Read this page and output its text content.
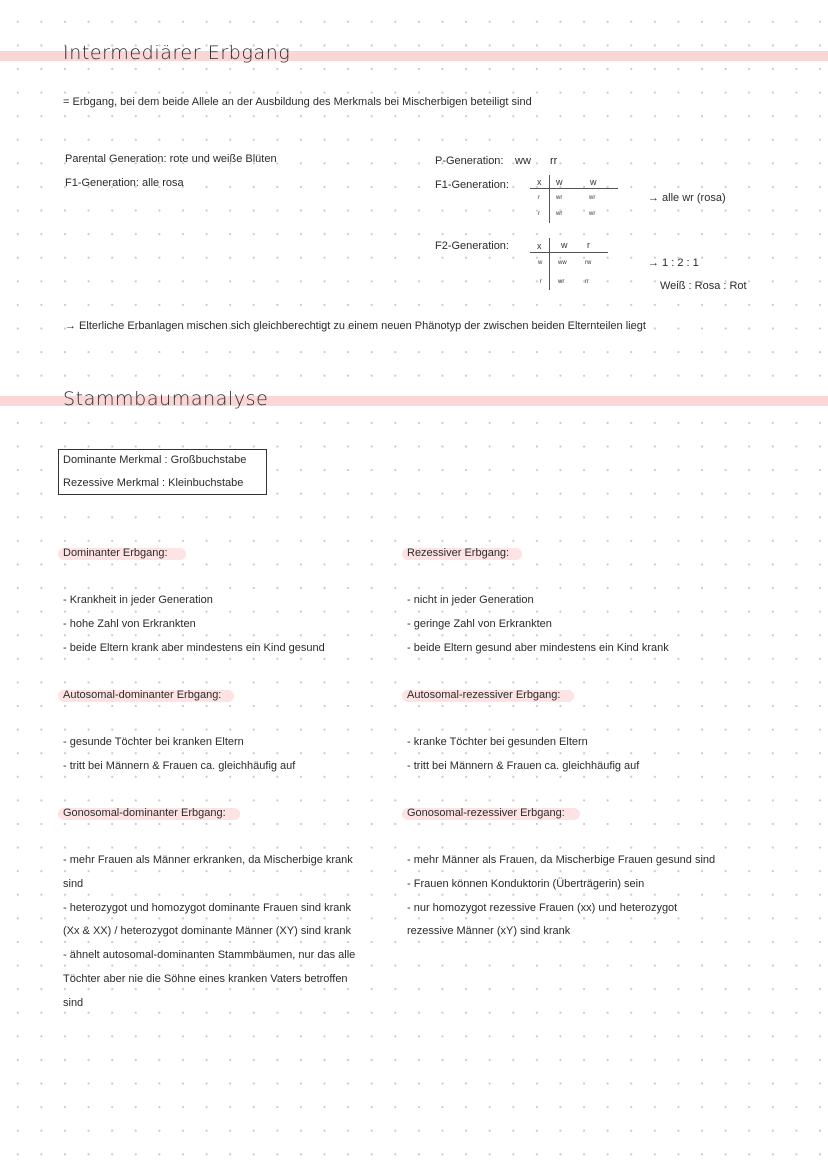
Intermediärer Erbgang
= Erbgang, bei dem beide Allele an der Ausbildung des Merkmals bei Mischerbigen beteiligt sind
Parental Generation: rote und weiße Blüten
F1-Generation: alle rosa
P-Generation: ww rr
F1-Generation:	x w	w
r	wr	wr
r	wr	wr
→ alle wr (rosa)
F2-Generation:	x w r
w	ww	rw
r	wr	rr
→ 1 : 2 : 1
Weiß : Rosa : Rot
→ Elterliche Erbanlagen mischen sich gleichberechtigt zu einem neuen Phänotyp der zwischen beiden Elternteilen liegt
Stammbaumanalyse
Dominante Merkmal : Großbuchstabe
Rezessive Merkmal : Kleinbuchstabe
Dominanter Erbgang:
- Krankheit in jeder Generation
- hohe Zahl von Erkrankten
- beide Eltern krank aber mindestens ein Kind gesund
Autosomal-dominanter Erbgang:
- gesunde Töchter bei kranken Eltern
- tritt bei Männern & Frauen ca. gleichhäufig auf
Gonosomal-dominanter Erbgang:
- mehr Frauen als Männer erkranken, da Mischerbige krank
sind
- heterozygot und homozygot dominante Frauen sind krank
(Xx & XX) / heterozygot dominante Männer (XY) sind krank
- ähnelt autosomal-dominanten Stammbäumen, nur das alle
Töchter aber nie die Söhne eines kranken Vaters betroffen
sind
Rezessiver Erbgang:
- nicht in jeder Generation
- geringe Zahl von Erkrankten
- beide Eltern gesund aber mindestens ein Kind krank
Autosomal-rezessiver Erbgang:
- kranke Töchter bei gesunden Eltern
- tritt bei Männern & Frauen ca. gleichhäufig auf
Gonosomal-rezessiver Erbgang:
- mehr Männer als Frauen, da Mischerbige Frauen gesund sind
- Frauen können Konduktorin (Überträgerin) sein
- nur homozygot rezessive Frauen (xx) und heterozygot
rezessive Männer (xY) sind krank
